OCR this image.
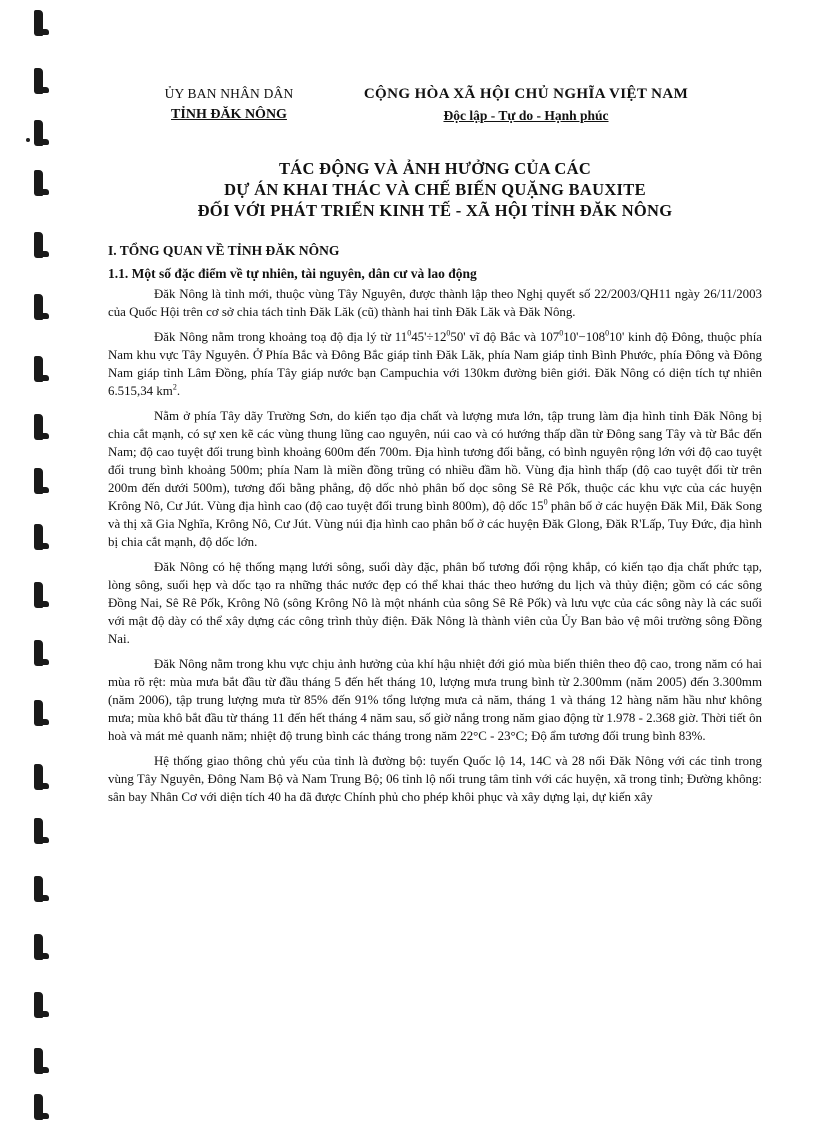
ỦY BAN NHÂN DÂN
TỈNH ĐĂK NÔNG
CỘNG HÒA XÃ HỘI CHỦ NGHĨA VIỆT NAM
Độc lập - Tự do - Hạnh phúc
TÁC ĐỘNG VÀ ẢNH HƯỞNG CỦA CÁC
DỰ ÁN KHAI THÁC VÀ CHẾ BIẾN QUẶNG BAUXITE
ĐỐI VỚI PHÁT TRIỂN KINH TẾ - XÃ HỘI TỈNH ĐĂK NÔNG
I. TỔNG QUAN VỀ TỈNH ĐĂK NÔNG
1.1. Một số đặc điểm về tự nhiên, tài nguyên, dân cư và lao động

Đăk Nông là tỉnh mới, thuộc vùng Tây Nguyên, được thành lập theo Nghị quyết số 22/2003/QH11 ngày 26/11/2003 của Quốc Hội trên cơ sở chia tách tỉnh Đăk Lăk (cũ) thành hai tỉnh Đăk Lăk và Đăk Nông.

Đăk Nông nằm trong khoảng toạ độ địa lý từ $11^045'\div 12^050'$ vĩ độ Bắc và $107^010'-108^010'$ kinh độ Đông, thuộc phía Nam khu vực Tây Nguyên. Ở Phía Bắc và Đông Bắc giáp tỉnh Đăk Lăk, phía Nam giáp tỉnh Bình Phước, phía Đông và Đông Nam giáp tỉnh Lâm Đồng, phía Tây giáp nước bạn Campuchia với 130km đường biên giới. Đăk Nông có diện tích tự nhiên 6.515,34 $km^2$.

Nằm ở phía Tây dãy Trường Sơn, do kiến tạo địa chất và lượng mưa lớn, tập trung làm địa hình tỉnh Đăk Nông bị chia cắt mạnh, có sự xen kẽ các vùng thung lũng cao nguyên, núi cao và có hướng thấp dần từ Đông sang Tây và từ Bắc đến Nam; độ cao tuyệt đối trung bình khoảng 600m đến 700m. Địa hình tương đối bằng, có bình nguyên rộng lớn với độ cao tuyệt đối trung bình khoảng 500m; phía Nam là miền đồng trũng có nhiều đầm hồ. Vùng địa hình thấp (độ cao tuyệt đối từ trên 200m đến dưới 500m), tương đối bằng phẳng, độ dốc nhỏ phân bố dọc sông Sê Rê Pốk, thuộc các khu vực của các huyện Krông Nô, Cư Jút. Vùng địa hình cao (độ cao tuyệt đối trung bình 800m), độ dốc $15^0$ phân bố ở các huyện Đăk Mil, Đăk Song và thị xã Gia Nghĩa, Krông Nô, Cư Jút. Vùng núi địa hình cao phân bố ở các huyện Đăk Glong, Đăk R'Lấp, Tuy Đức, địa hình bị chia cắt mạnh, độ dốc lớn.

Đăk Nông có hệ thống mạng lưới sông, suối dày đặc, phân bố tương đối rộng khắp, có kiến tạo địa chất phức tạp, lòng sông, suối hẹp và dốc tạo ra những thác nước đẹp có thể khai thác theo hướng du lịch và thủy điện; gồm có các sông Đồng Nai, Sê Rê Pốk, Krông Nô (sông Krông Nô là một nhánh của sông Sê Rê Pốk) và lưu vực của các sông này là các suối với mật độ dày có thể xây dựng các công trình thủy điện. Đăk Nông là thành viên của Ủy Ban bảo vệ môi trường sông Đồng Nai.

Đăk Nông nằm trong khu vực chịu ảnh hưởng của khí hậu nhiệt đới gió mùa biến thiên theo độ cao, trong năm có hai mùa rõ rệt: mùa mưa bắt đầu từ đầu tháng 5 đến hết tháng 10, lượng mưa trung bình từ 2.300mm (năm 2005) đến 3.300mm (năm 2006), tập trung lượng mưa từ 85% đến 91% tổng lượng mưa cả năm, tháng 1 và tháng 12 hàng năm hầu như không mưa; mùa khô bắt đầu từ tháng 11 đến hết tháng 4 năm sau, số giờ nắng trong năm giao động từ 1.978 - 2.368 giờ. Thời tiết ôn hoà và mát mẻ quanh năm; nhiệt độ trung bình các tháng trong năm 22°C - 23°C; Độ ẩm tương đối trung bình 83%.

Hệ thống giao thông chủ yếu của tỉnh là đường bộ: tuyến Quốc lộ 14, 14C và 28 nối Đăk Nông với các tỉnh trong vùng Tây Nguyên, Đông Nam Bộ và Nam Trung Bộ; 06 tỉnh lộ nối trung tâm tỉnh với các huyện, xã trong tỉnh; Đường không: sân bay Nhân Cơ với diện tích 40 ha đã được Chính phủ cho phép khôi phục và xây dựng lại, dự kiến xây
